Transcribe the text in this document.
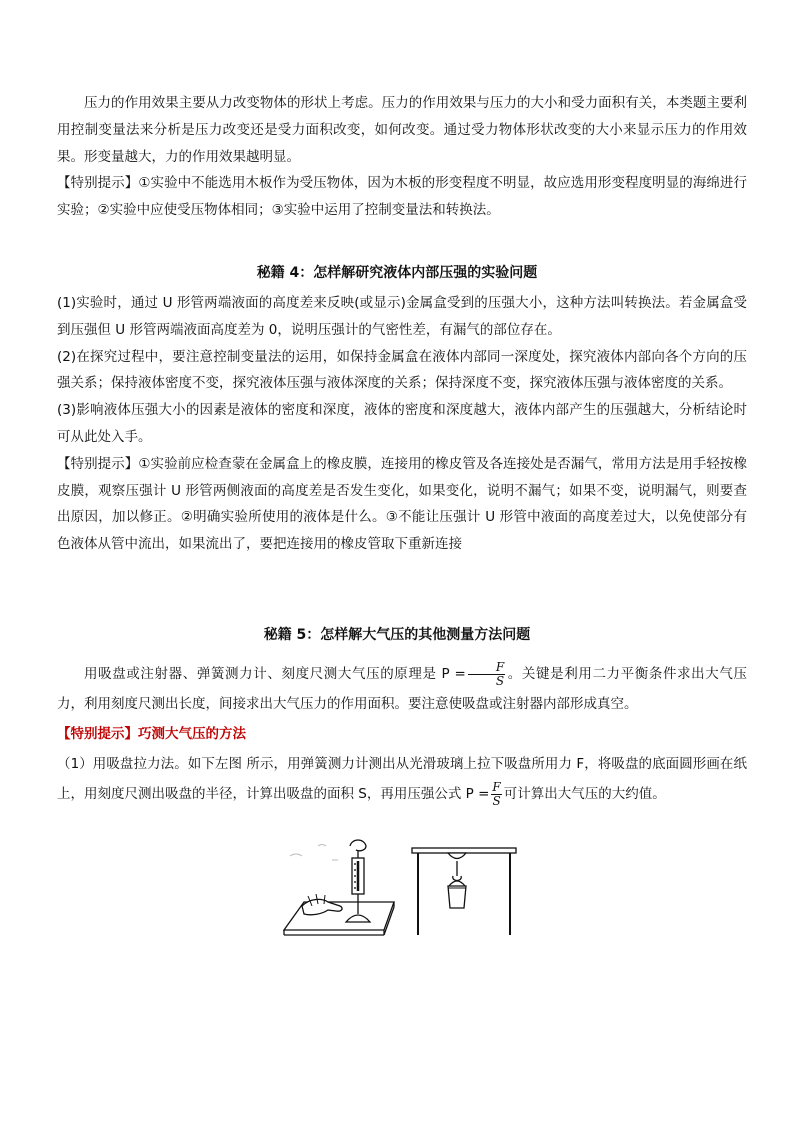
压力的作用效果主要从力改变物体的形状上考虑。压力的作用效果与压力的大小和受力面积有关，本类题主要利用控制变量法来分析是压力改变还是受力面积改变，如何改变。通过受力物体形状改变的大小来显示压力的作用效果。形变量越大，力的作用效果越明显。

【特别提示】①实验中不能选用木板作为受压物体，因为木板的形变程度不明显，故应选用形变程度明显的海绵进行实验；②实验中应使受压物体相同；③实验中运用了控制变量法和转换法。

秘籍 4：怎样解研究液体内部压强的实验问题

(1)实验时，通过 U 形管两端液面的高度差来反映(或显示)金属盒受到的压强大小，这种方法叫转换法。若金属盒受到压强但 U 形管两端液面高度差为 0，说明压强计的气密性差，有漏气的部位存在。

(2)在探究过程中，要注意控制变量法的运用，如保持金属盒在液体内部同一深度处，探究液体内部向各个方向的压强关系；保持液体密度不变，探究液体压强与液体深度的关系；保持深度不变，探究液体压强与液体密度的关系。

(3)影响液体压强大小的因素是液体的密度和深度，液体的密度和深度越大，液体内部产生的压强越大，分析结论时可从此处入手。

【特别提示】①实验前应检查蒙在金属盒上的橡皮膜，连接用的橡皮管及各连接处是否漏气，常用方法是用手轻按橡皮膜，观察压强计 U 形管两侧液面的高度差是否发生变化，如果变化，说明不漏气；如果不变，说明漏气，则要查出原因，加以修正。②明确实验所使用的液体是什么。③不能让压强计 U 形管中液面的高度差过大，以免使部分有色液体从管中流出，如果流出了，要把连接用的橡皮管取下重新连接

秘籍 5：怎样解大气压的其他测量方法问题

用吸盘或注射器、弹簧测力计、刻度尺测大气压的原理是 $P = \frac{F}{S}$ 。关键是利用二力平衡条件求出大气压力，利用刻度尺测出长度，间接求出大气压力的作用面积。要注意使吸盘或注射器内部形成真空。

【特别提示】巧测大气压的方法

（1）用吸盘拉力法。如下左图 所示，用弹簧测力计测出从光滑玻璃上拉下吸盘所用力 F，将吸盘的底面圆形画在纸上，用刻度尺测出吸盘的半径，计算出吸盘的面积 S，再用压强公式 $P = \frac{F}{S}$ 可计算出大气压的大约值。
